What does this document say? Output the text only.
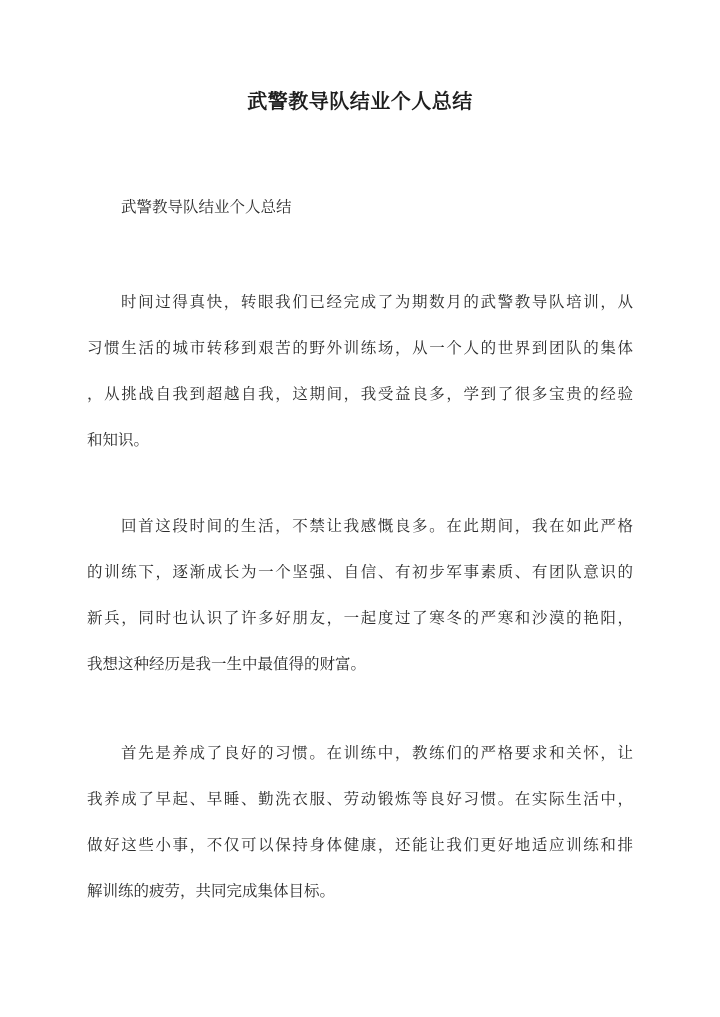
武警教导队结业个人总结

武警教导队结业个人总结

时间过得真快，转眼我们已经完成了为期数月的武警教导队培训，从
习惯生活的城市转移到艰苦的野外训练场，从一个人的世界到团队的集体
，从挑战自我到超越自我，这期间，我受益良多，学到了很多宝贵的经验
和知识。
回首这段时间的生活，不禁让我感慨良多。在此期间，我在如此严格
的训练下，逐渐成长为一个坚强、自信、有初步军事素质、有团队意识的
新兵，同时也认识了许多好朋友，一起度过了寒冬的严寒和沙漠的艳阳，
我想这种经历是我一生中最值得的财富。
首先是养成了良好的习惯。在训练中，教练们的严格要求和关怀，让
我养成了早起、早睡、勤洗衣服、劳动锻炼等良好习惯。在实际生活中，
做好这些小事，不仅可以保持身体健康，还能让我们更好地适应训练和排
解训练的疲劳，共同完成集体目标。
